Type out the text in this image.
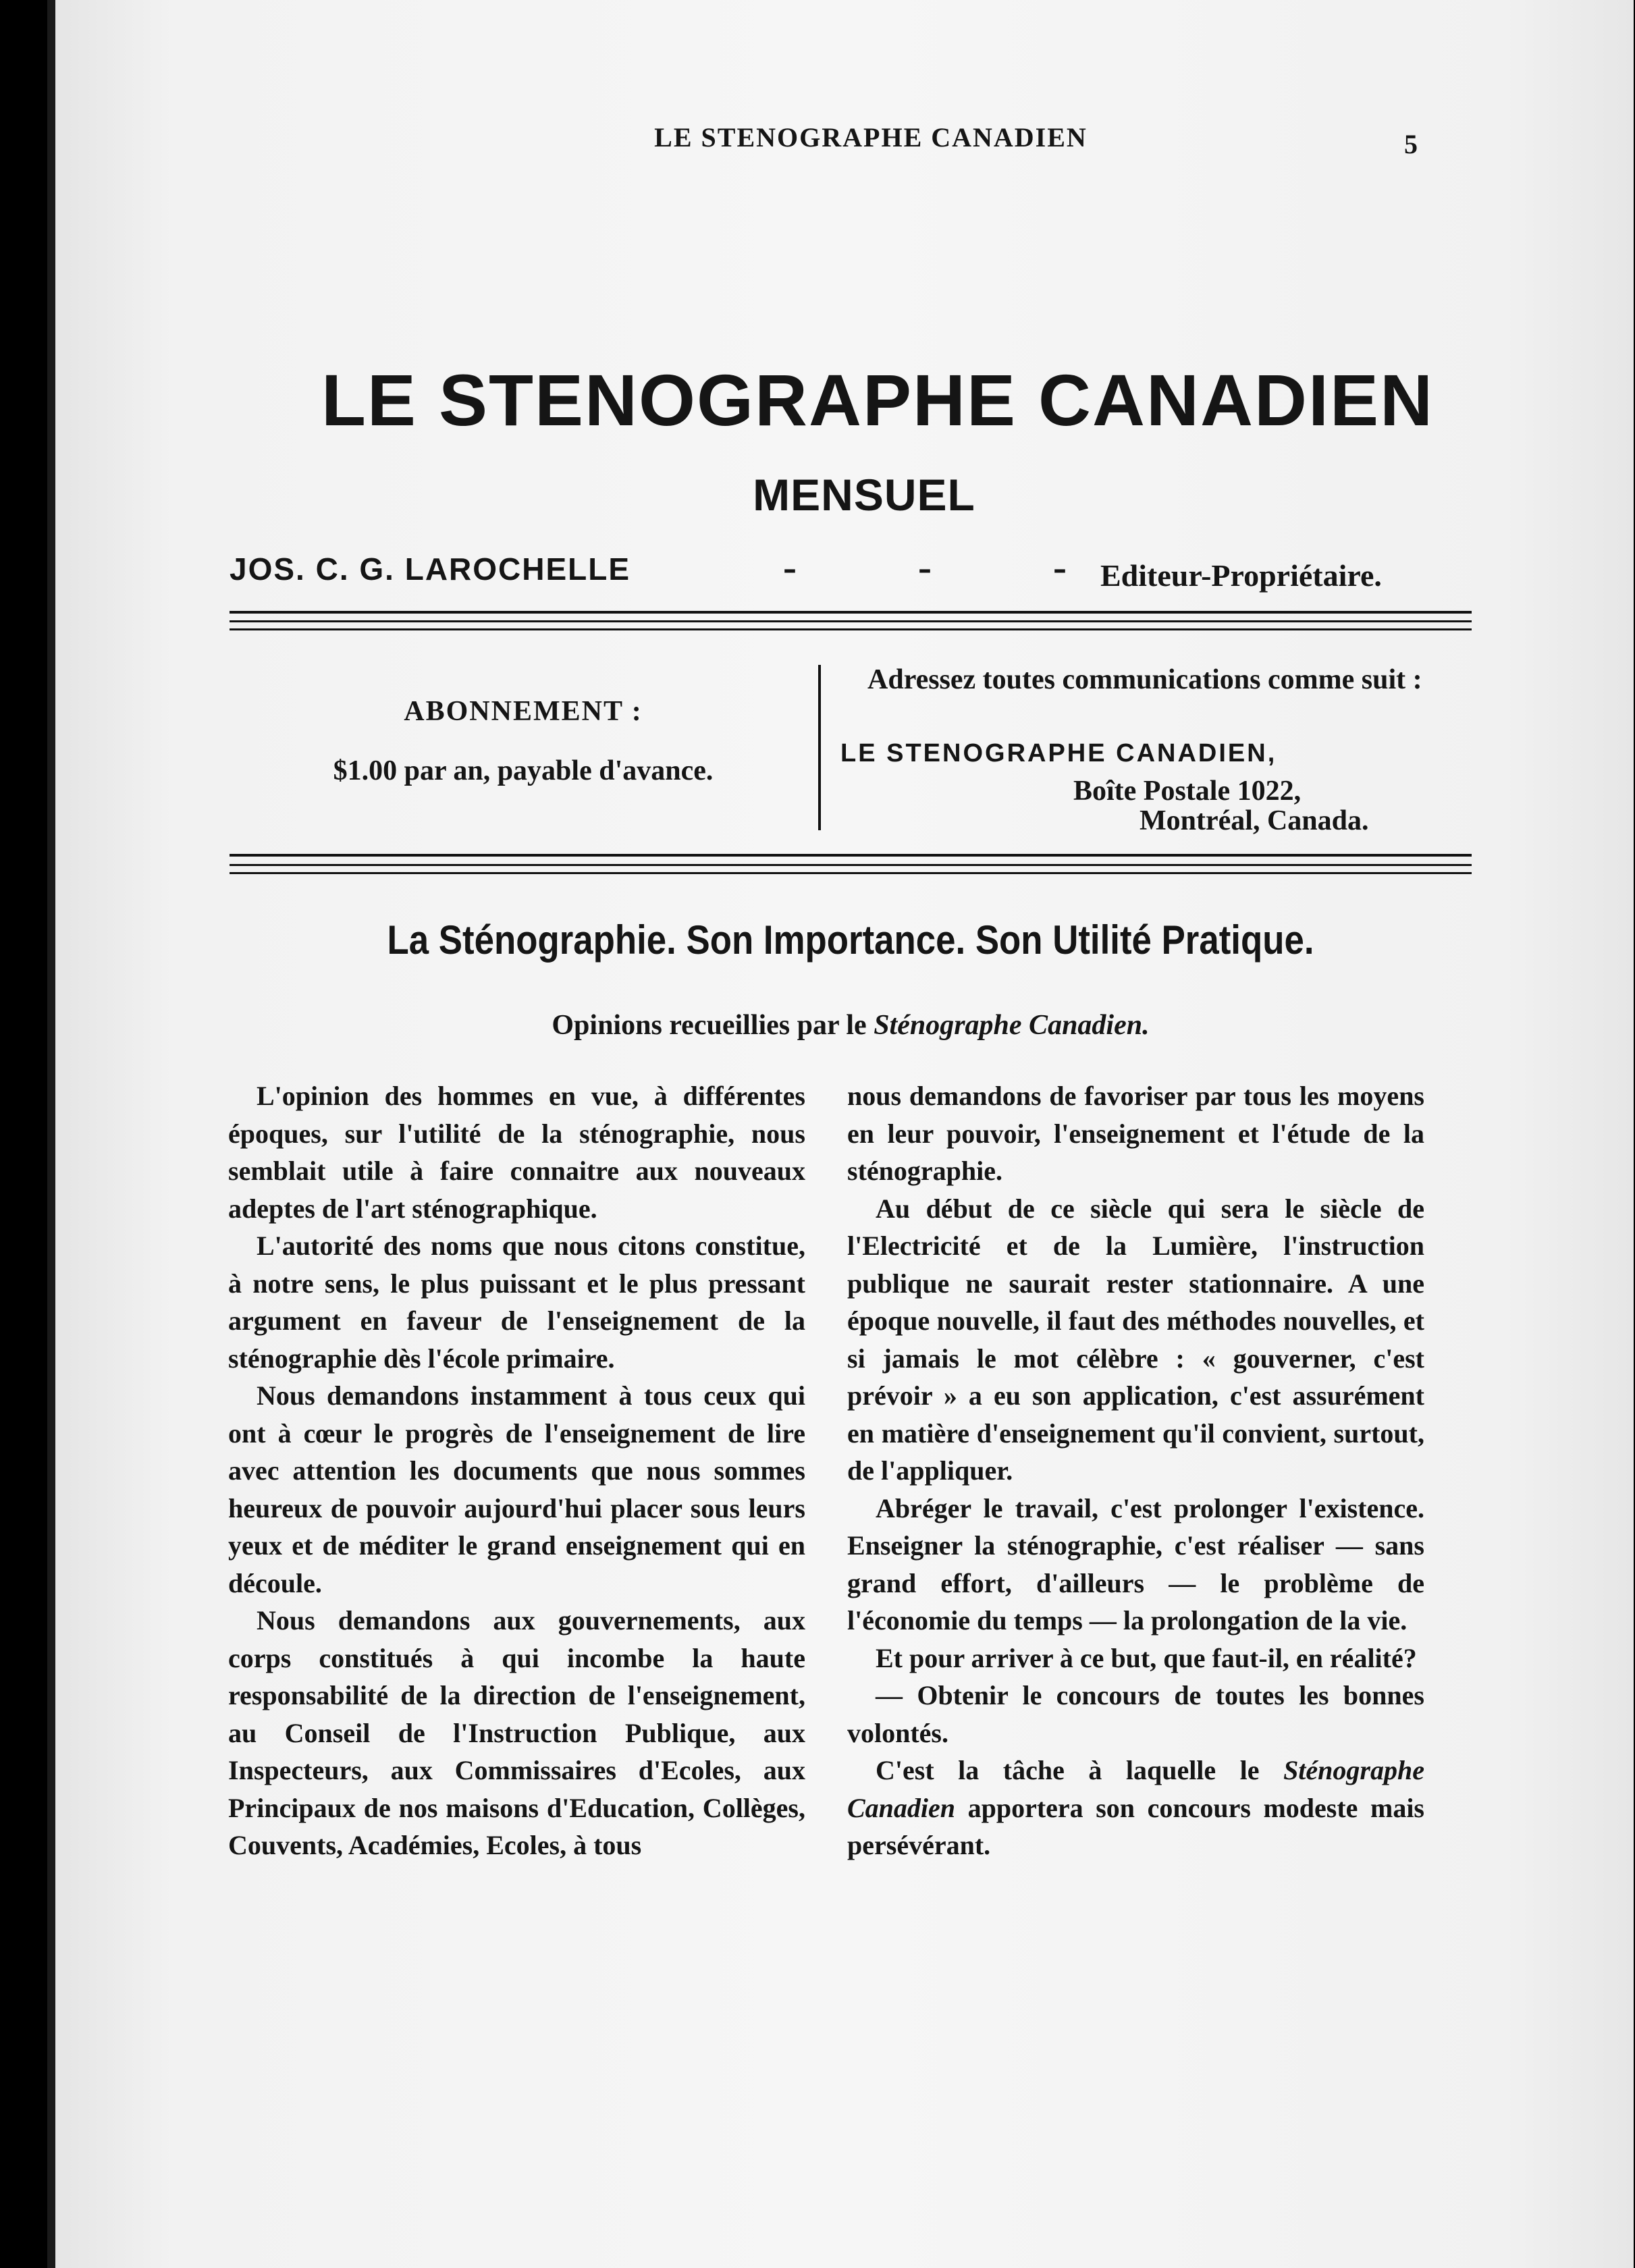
LE STENOGRAPHE CANADIEN	5
LE STENOGRAPHE CANADIEN
MENSUEL
JOS. C. G. LAROCHELLE	-	-	- Editeur-Propriétaire.
ABONNEMENT :
$1.00 par an, payable d'avance.
Adressez toutes communications comme suit :
LE STENOGRAPHE CANADIEN,
Boîte Postale 1022,
Montréal, Canada.
La Sténographie. Son Importance. Son Utilité Pratique.
Opinions recueillies par le Sténographe Canadien.

L'opinion des hommes en vue, à différentes époques, sur l'utilité de la sténographie, nous semblait utile à faire connaitre aux nouveaux adeptes de l'art sténographique.

L'autorité des noms que nous citons constitue, à notre sens, le plus puissant et le plus pressant argument en faveur de l'enseignement de la sténographie dès l'école primaire.

Nous demandons instamment à tous ceux qui ont à cœur le progrès de l'enseignement de lire avec attention les documents que nous sommes heureux de pouvoir aujourd'hui placer sous leurs yeux et de méditer le grand enseignement qui en découle.

Nous demandons aux gouvernements, aux corps constitués à qui incombe la haute responsabilité de la direction de l'enseignement, au Conseil de l'Instruction Publique, aux Inspecteurs, aux Commissaires d'Ecoles, aux Principaux de nos maisons d'Education, Collèges, Couvents, Académies, Ecoles, à tous

nous demandons de favoriser par tous les moyens en leur pouvoir, l'enseignement et l'étude de la sténographie.

Au début de ce siècle qui sera le siècle de l'Electricité et de la Lumière, l'instruction publique ne saurait rester stationnaire. A une époque nouvelle, il faut des méthodes nouvelles, et si jamais le mot célèbre : « gouverner, c'est prévoir » a eu son application, c'est assurément en matière d'enseignement qu'il convient, surtout, de l'appliquer.

Abréger le travail, c'est prolonger l'existence. Enseigner la sténographie, c'est réaliser — sans grand effort, d'ailleurs — le problème de l'économie du temps — la prolongation de la vie.

Et pour arriver à ce but, que faut-il, en réalité?

— Obtenir le concours de toutes les bonnes volontés.

C'est la tâche à laquelle le Sténographe Canadien apportera son concours modeste mais persévérant.
